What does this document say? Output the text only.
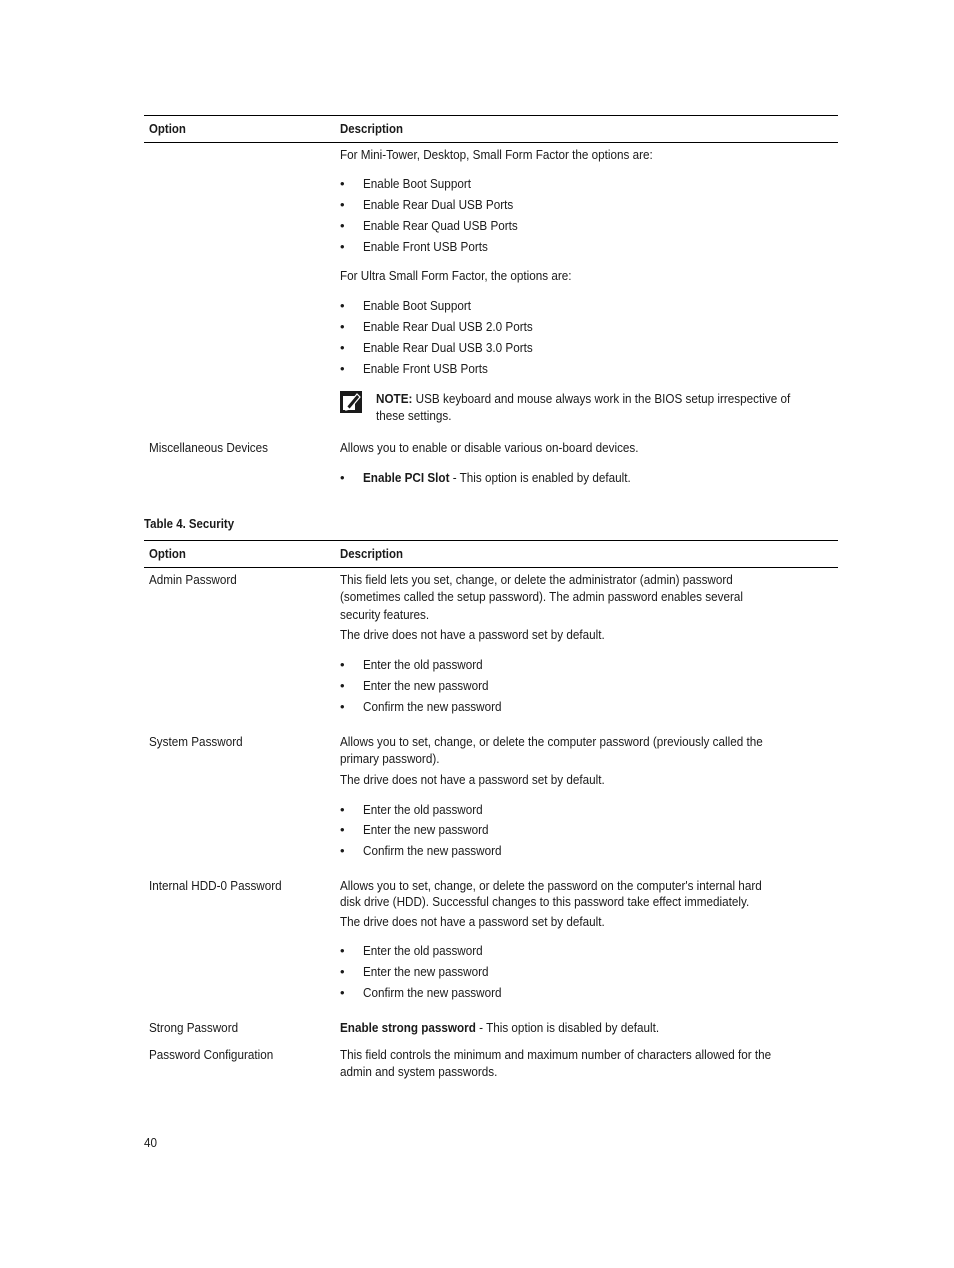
Option	Description
For Mini-Tower, Desktop, Small Form Factor the options are:
• Enable Boot Support
• Enable Rear Dual USB Ports
• Enable Rear Quad USB Ports
• Enable Front USB Ports
For Ultra Small Form Factor, the options are:
• Enable Boot Support
• Enable Rear Dual USB 2.0 Ports
• Enable Rear Dual USB 3.0 Ports
• Enable Front USB Ports
NOTE: USB keyboard and mouse always work in the BIOS setup irrespective of
these settings.
Miscellaneous Devices	Allows you to enable or disable various on-board devices.
• Enable PCI Slot - This option is enabled by default.
Table 4. Security
Option	Description
Admin Password	This field lets you set, change, or delete the administrator (admin) password
(sometimes called the setup password). The admin password enables several
security features.
The drive does not have a password set by default.
• Enter the old password
• Enter the new password
• Confirm the new password
System Password	Allows you to set, change, or delete the computer password (previously called the
primary password).
The drive does not have a password set by default.
• Enter the old password
• Enter the new password
• Confirm the new password
Internal HDD-0 Password	Allows you to set, change, or delete the password on the computer's internal hard
disk drive (HDD). Successful changes to this password take effect immediately.
The drive does not have a password set by default.
• Enter the old password
• Enter the new password
• Confirm the new password
Strong Password	Enable strong password - This option is disabled by default.
Password Configuration	This field controls the minimum and maximum number of characters allowed for the
admin and system passwords.
40
